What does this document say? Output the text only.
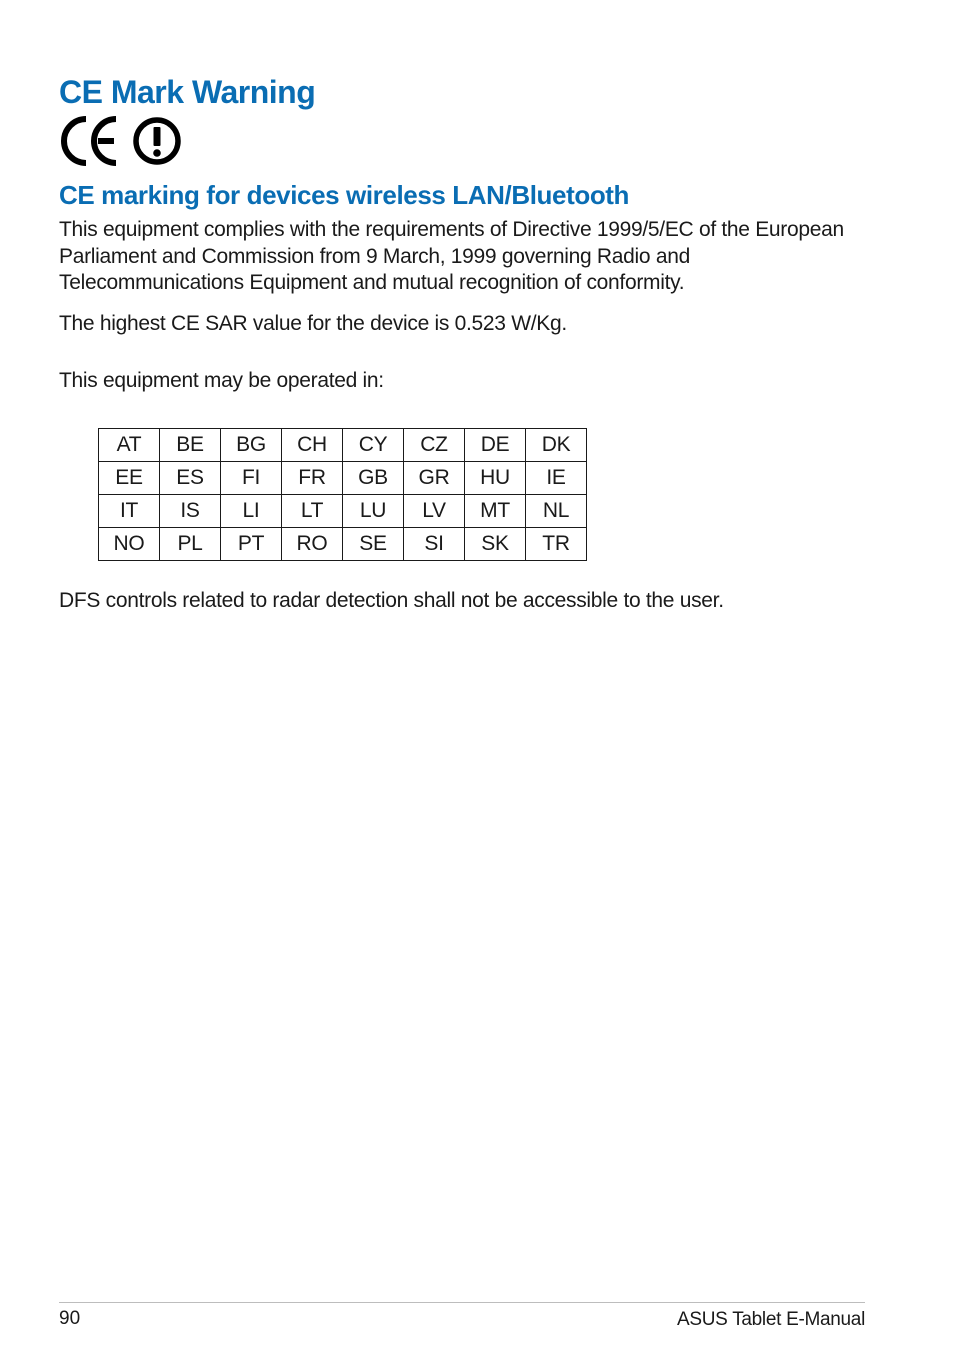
CE Mark Warning
CE marking for devices wireless LAN/Bluetooth

This equipment complies with the requirements of Directive 1999/5/EC of the European Parliament and Commission from 9 March, 1999 governing Radio and Telecommunications Equipment and mutual recognition of conformity.

The highest CE SAR value for the device is 0.523 W/Kg.

This equipment may be operated in:

AT	BE	BG	CH	CY	CZ	DE	DK
EE	ES	FI	FR	GB	GR	HU	IE
IT	IS	LI	LT	LU	LV	MT	NL
NO	PL	PT	RO	SE	SI	SK	TR

DFS controls related to radar detection shall not be accessible to the user.

90	ASUS Tablet E-Manual
